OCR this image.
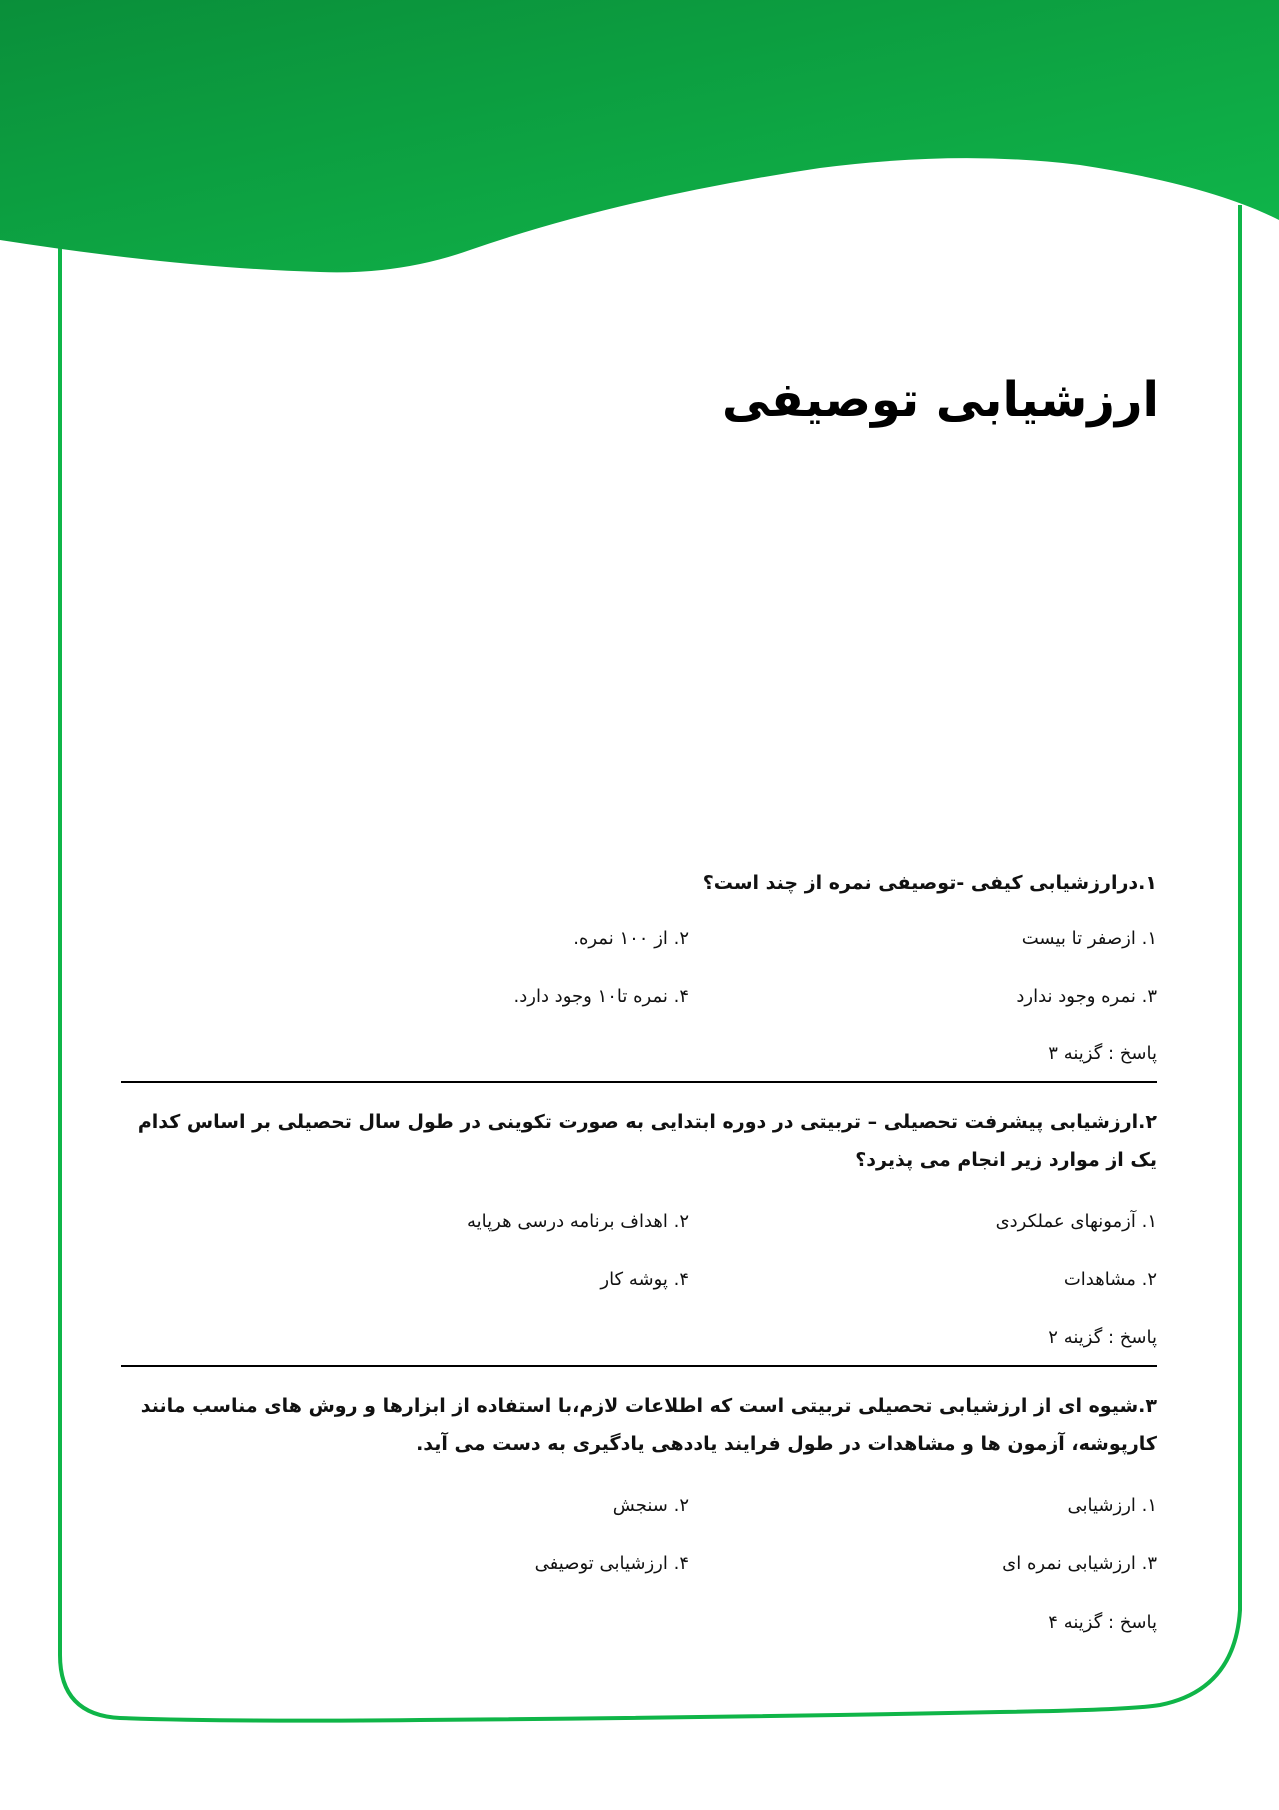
ارزشیابی توصیفی

۱.درارزشیابی کیفی -توصیفی نمره از چند است؟

۱. ازصفر تا بیست
۲. از ۱۰۰ نمره.
۳. نمره وجود ندارد
۴. نمره تا۱۰ وجود دارد.
پاسخ : گزینه ۳

۲.ارزشیابی پیشرفت تحصیلی – تربیتی در دوره ابتدایی به صورت تکوینی در طول سال تحصیلی بر اساس کدام یک از موارد زیر انجام می پذیرد؟

۱. آزمونهای عملکردی
۲. اهداف برنامه درسی هرپایه
۲. مشاهدات
۴. پوشه کار
پاسخ : گزینه ۲

۳.شیوه ای از ارزشیابی تحصیلی تربیتی است که اطلاعات لازم،با استفاده از ابزارها و روش های مناسب مانند کارپوشه، آزمون ها و مشاهدات در طول فرایند یاددهی یادگیری به دست می آید.

۱. ارزشیابی
۲. سنجش
۳. ارزشیابی نمره ای
۴. ارزشیابی توصیفی
پاسخ : گزینه ۴
